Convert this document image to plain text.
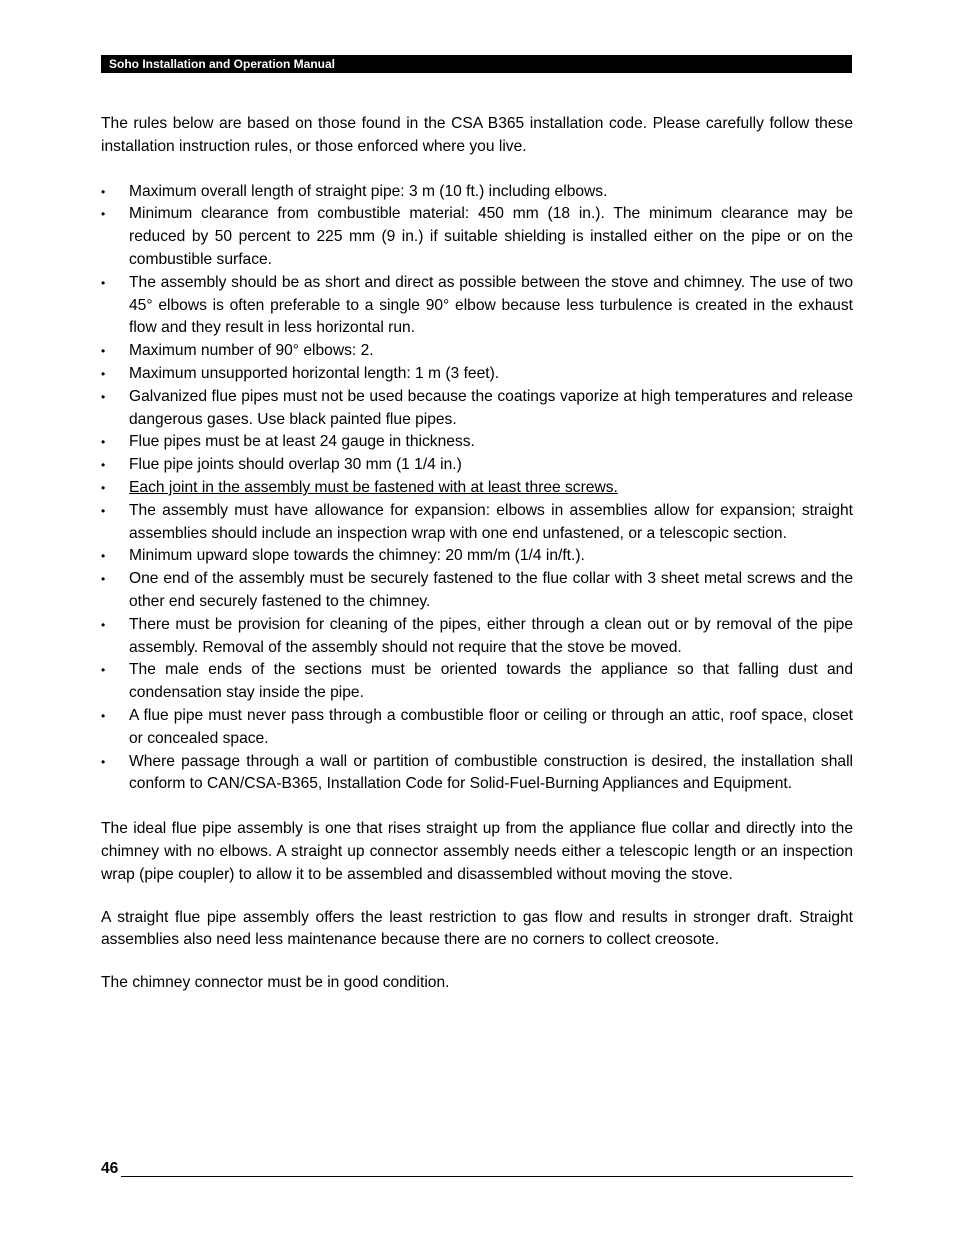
Soho Installation and Operation Manual

The rules below are based on those found in the CSA B365 installation code. Please carefully follow these installation instruction rules, or those enforced where you live.

• Maximum overall length of straight pipe: 3 m (10 ft.) including elbows.
• Minimum clearance from combustible material: 450 mm (18 in.). The minimum clearance may be reduced by 50 percent to 225 mm (9 in.) if suitable shielding is installed either on the pipe or on the combustible surface.
• The assembly should be as short and direct as possible between the stove and chimney. The use of two 45° elbows is often preferable to a single 90° elbow because less turbulence is created in the exhaust flow and they result in less horizontal run.
• Maximum number of 90° elbows: 2.
• Maximum unsupported horizontal length: 1 m (3 feet).
• Galvanized flue pipes must not be used because the coatings vaporize at high temperatures and release dangerous gases. Use black painted flue pipes.
• Flue pipes must be at least 24 gauge in thickness.
• Flue pipe joints should overlap 30 mm (1 1/4 in.)
• Each joint in the assembly must be fastened with at least three screws.
• The assembly must have allowance for expansion: elbows in assemblies allow for expansion; straight assemblies should include an inspection wrap with one end unfastened, or a telescopic section.
• Minimum upward slope towards the chimney: 20 mm/m (1/4 in/ft.).
• One end of the assembly must be securely fastened to the flue collar with 3 sheet metal screws and the other end securely fastened to the chimney.
• There must be provision for cleaning of the pipes, either through a clean out or by removal of the pipe assembly. Removal of the assembly should not require that the stove be moved.
• The male ends of the sections must be oriented towards the appliance so that falling dust and condensation stay inside the pipe.
• A flue pipe must never pass through a combustible floor or ceiling or through an attic, roof space, closet or concealed space.
• Where passage through a wall or partition of combustible construction is desired, the installation shall conform to CAN/CSA-B365, Installation Code for Solid-Fuel-Burning Appliances and Equipment.

The ideal flue pipe assembly is one that rises straight up from the appliance flue collar and directly into the chimney with no elbows. A straight up connector assembly needs either a telescopic length or an inspection wrap (pipe coupler) to allow it to be assembled and disassembled without moving the stove.

A straight flue pipe assembly offers the least restriction to gas flow and results in stronger draft. Straight assemblies also need less maintenance because there are no corners to collect creosote.

The chimney connector must be in good condition.

46
